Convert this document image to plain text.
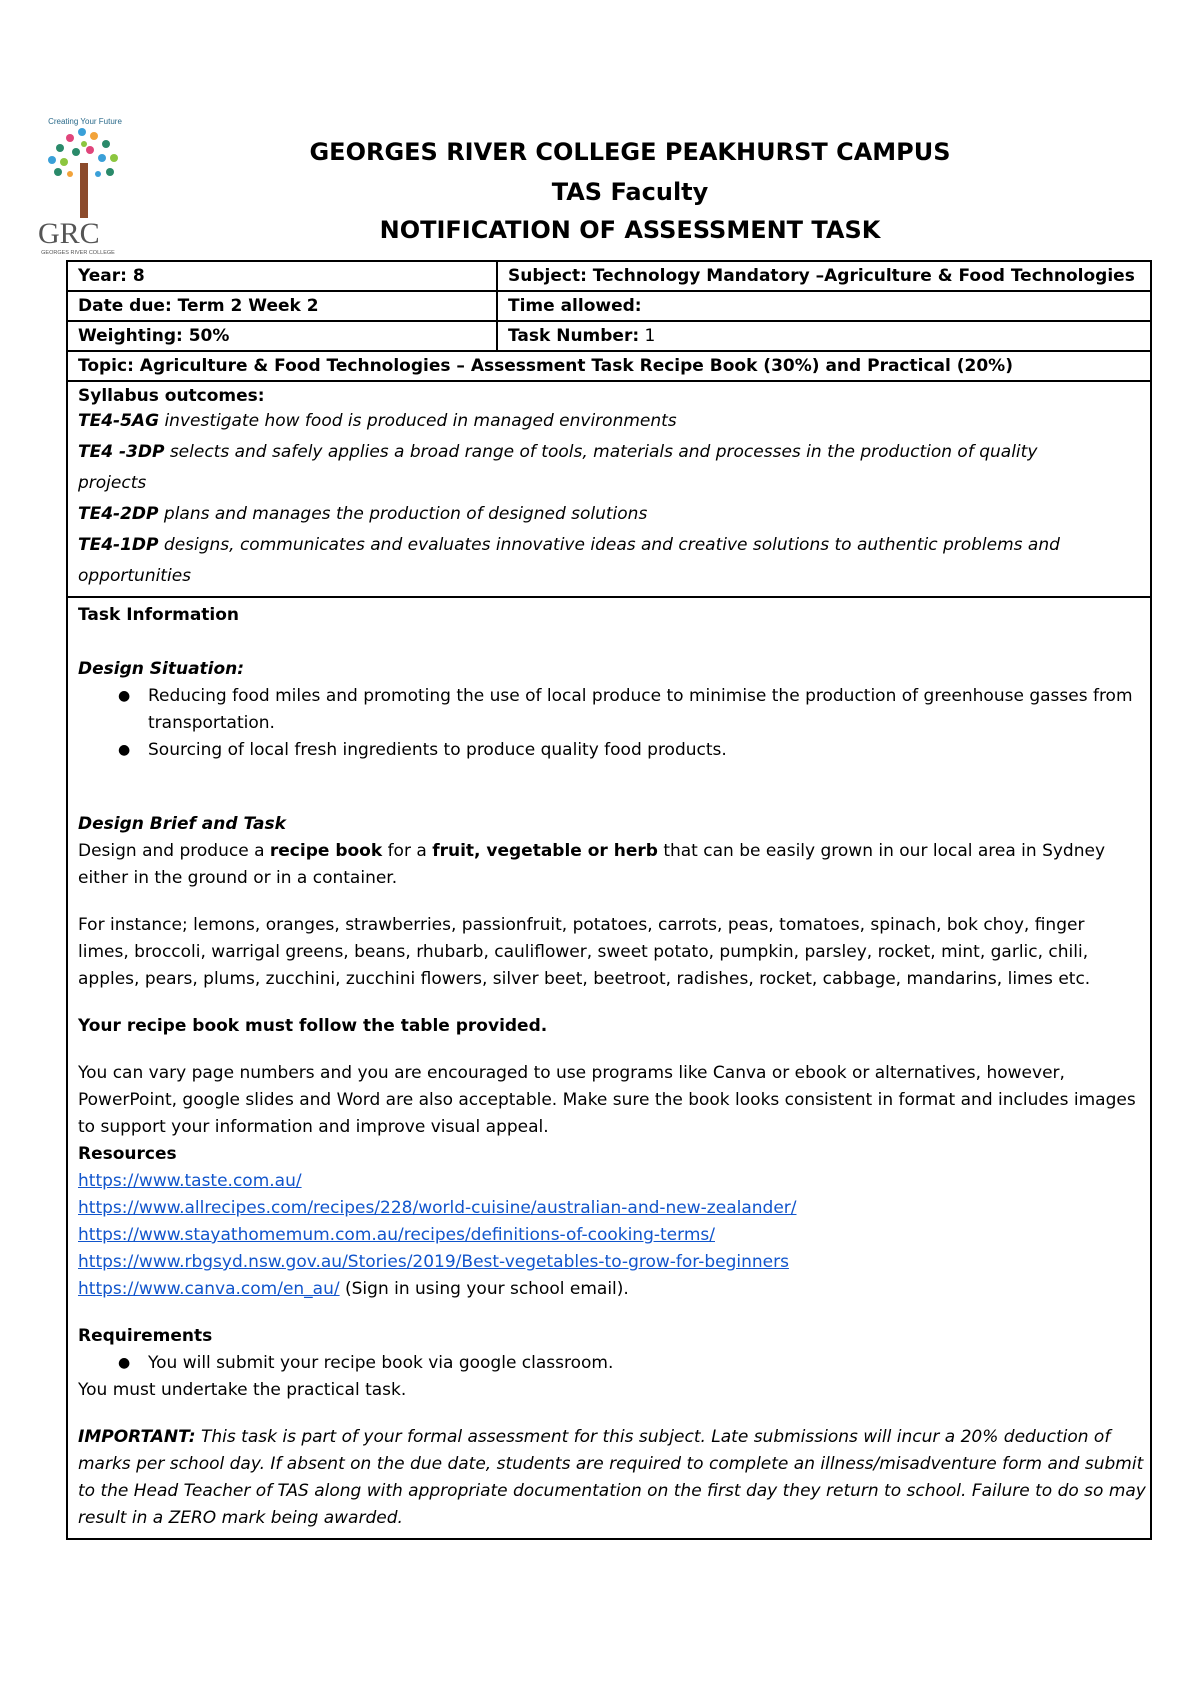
GRC
Creating Your Future
GEORGES RIVER COLLEGE
GEORGES RIVER COLLEGE PEAKHURST CAMPUS
TAS Faculty
NOTIFICATION OF ASSESSMENT TASK
Year: 8	Subject: Technology Mandatory –Agriculture & Food Technologies
Date due: Term 2 Week 2	Time allowed:
Weighting: 50%	Task Number: 1
Topic: Agriculture & Food Technologies – Assessment Task Recipe Book (30%) and Practical (20%)
Syllabus outcomes:
TE4-5AG investigate how food is produced in managed environments
TE4 -3DP selects and safely applies a broad range of tools, materials and processes in the production of quality
projects
TE4-2DP plans and manages the production of designed solutions
TE4-1DP designs, communicates and evaluates innovative ideas and creative solutions to authentic problems and
opportunities

Task Information

Design Situation:

● Reducing food miles and promoting the use of local produce to minimise the production of greenhouse gasses from transportation.
● Sourcing of local fresh ingredients to produce quality food products.

Design Brief and Task

Design and produce a recipe book for a fruit, vegetable or herb that can be easily grown in our local area in Sydney either in the ground or in a container.

For instance; lemons, oranges, strawberries, passionfruit, potatoes, carrots, peas, tomatoes, spinach, bok choy, finger limes, broccoli, warrigal greens, beans, rhubarb, cauliflower, sweet potato, pumpkin, parsley, rocket, mint, garlic, chili, apples, pears, plums, zucchini, zucchini flowers, silver beet, beetroot, radishes, rocket, cabbage, mandarins, limes etc.

Your recipe book must follow the table provided.

You can vary page numbers and you are encouraged to use programs like Canva or ebook or alternatives, however, PowerPoint, google slides and Word are also acceptable. Make sure the book looks consistent in format and includes images to support your information and improve visual appeal.

Resources

https://www.taste.com.au/

https://www.allrecipes.com/recipes/228/world-cuisine/australian-and-new-zealander/

https://www.stayathomemum.com.au/recipes/definitions-of-cooking-terms/

https://www.rbgsyd.nsw.gov.au/Stories/2019/Best-vegetables-to-grow-for-beginners

https://www.canva.com/en_au/ (Sign in using your school email).

Requirements

● You will submit your recipe book via google classroom.

You must undertake the practical task.

IMPORTANT: This task is part of your formal assessment for this subject. Late submissions will incur a 20% deduction of marks per school day. If absent on the due date, students are required to complete an illness/misadventure form and submit to the Head Teacher of TAS along with appropriate documentation on the first day they return to school. Failure to do so may result in a ZERO mark being awarded.
